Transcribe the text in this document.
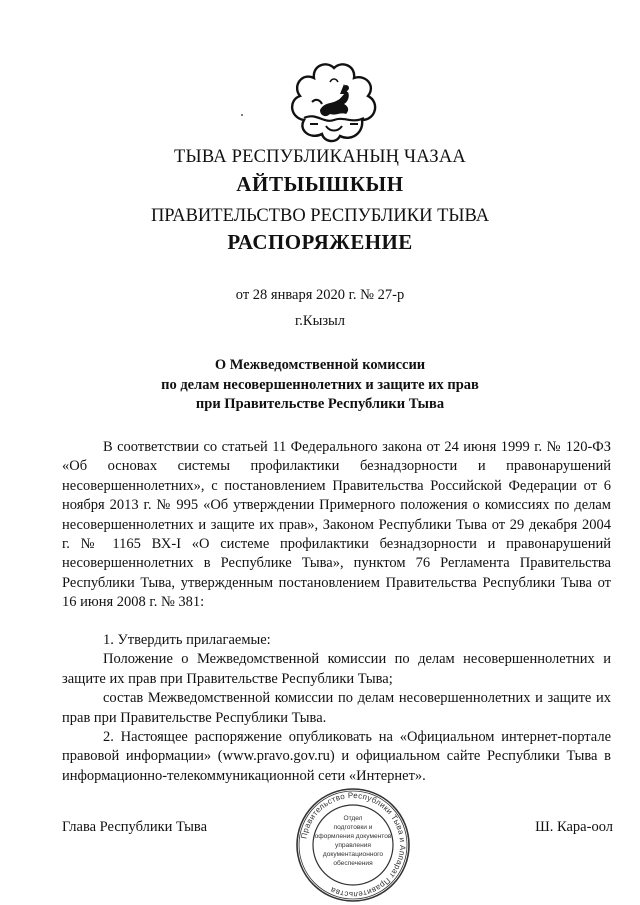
ТЫВА РЕСПУБЛИКАНЫҢ ЧАЗАА
АЙТЫЫШКЫН
ПРАВИТЕЛЬСТВО РЕСПУБЛИКИ ТЫВА
РАСПОРЯЖЕНИЕ
от 28 января 2020 г. № 27-р
г.Кызыл
О Межведомственной комиссии
по делам несовершеннолетних и защите их прав
при Правительстве Республики Тыва

В соответствии со статьей 11 Федерального закона от 24 июня 1999 г. № 120-ФЗ «Об основах системы профилактики безнадзорности и правонарушений несовершеннолетних», с постановлением Правительства Российской Федерации от 6 ноября 2013 г. № 995 «Об утверждении Примерного положения о комиссиях по делам несовершеннолетних и защите их прав», Законом Республики Тыва от 29 декабря 2004 г. № 1165 ВХ-I «О системе профилактики безнадзорности и правонарушений несовершеннолетних в Республике Тыва», пунктом 76 Регламента Правительства Республики Тыва, утвержденным постановлением Правительства Республики Тыва от 16 июня 2008 г. № 381:

1. Утвердить прилагаемые:

Положение о Межведомственной комиссии по делам несовершеннолетних и защите их прав при Правительстве Республики Тыва;

состав Межведомственной комиссии по делам несовершеннолетних и защите их прав при Правительстве Республики Тыва.

2. Настоящее распоряжение опубликовать на «Официальном интернет-портале правовой информации» (www.pravo.gov.ru) и официальном сайте Республики Тыва в информационно-телекоммуникационной сети «Интернет».

Глава Республики Тыва	Ш. Кара-оол
Правительство Республики Тыва и Аппарат Правительства
Отдел
подготовки и
оформления документов
управления
документационного
обеспечения
